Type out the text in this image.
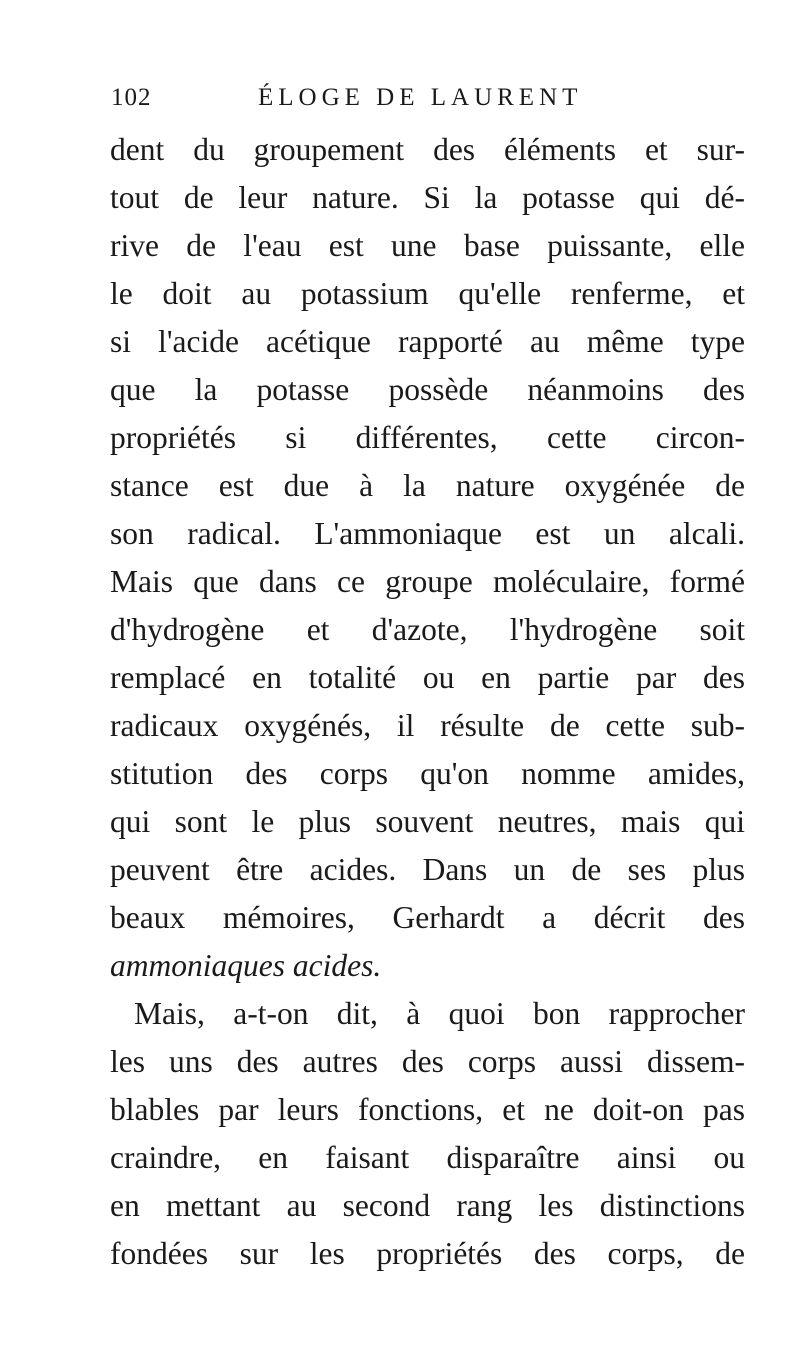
102	ÉLOGE DE LAURENT
dent du groupement des éléments et sur-
tout de leur nature. Si la potasse qui dé-
rive de l'eau est une base puissante, elle
le doit au potassium qu'elle renferme, et
si l'acide acétique rapporté au même type
que la potasse possède néanmoins des
propriétés si différentes, cette circon-
stance est due à la nature oxygénée de
son radical. L'ammoniaque est un alcali.
Mais que dans ce groupe moléculaire, formé
d'hydrogène et d'azote, l'hydrogène soit
remplacé en totalité ou en partie par des
radicaux oxygénés, il résulte de cette sub-
stitution des corps qu'on nomme amides,
qui sont le plus souvent neutres, mais qui
peuvent être acides. Dans un de ses plus
beaux mémoires, Gerhardt a décrit des
ammoniaques acides.
Mais, a-t-on dit, à quoi bon rapprocher
les uns des autres des corps aussi dissem-
blables par leurs fonctions, et ne doit-on pas
craindre, en faisant disparaître ainsi ou
en mettant au second rang les distinctions
fondées sur les propriétés des corps, de
